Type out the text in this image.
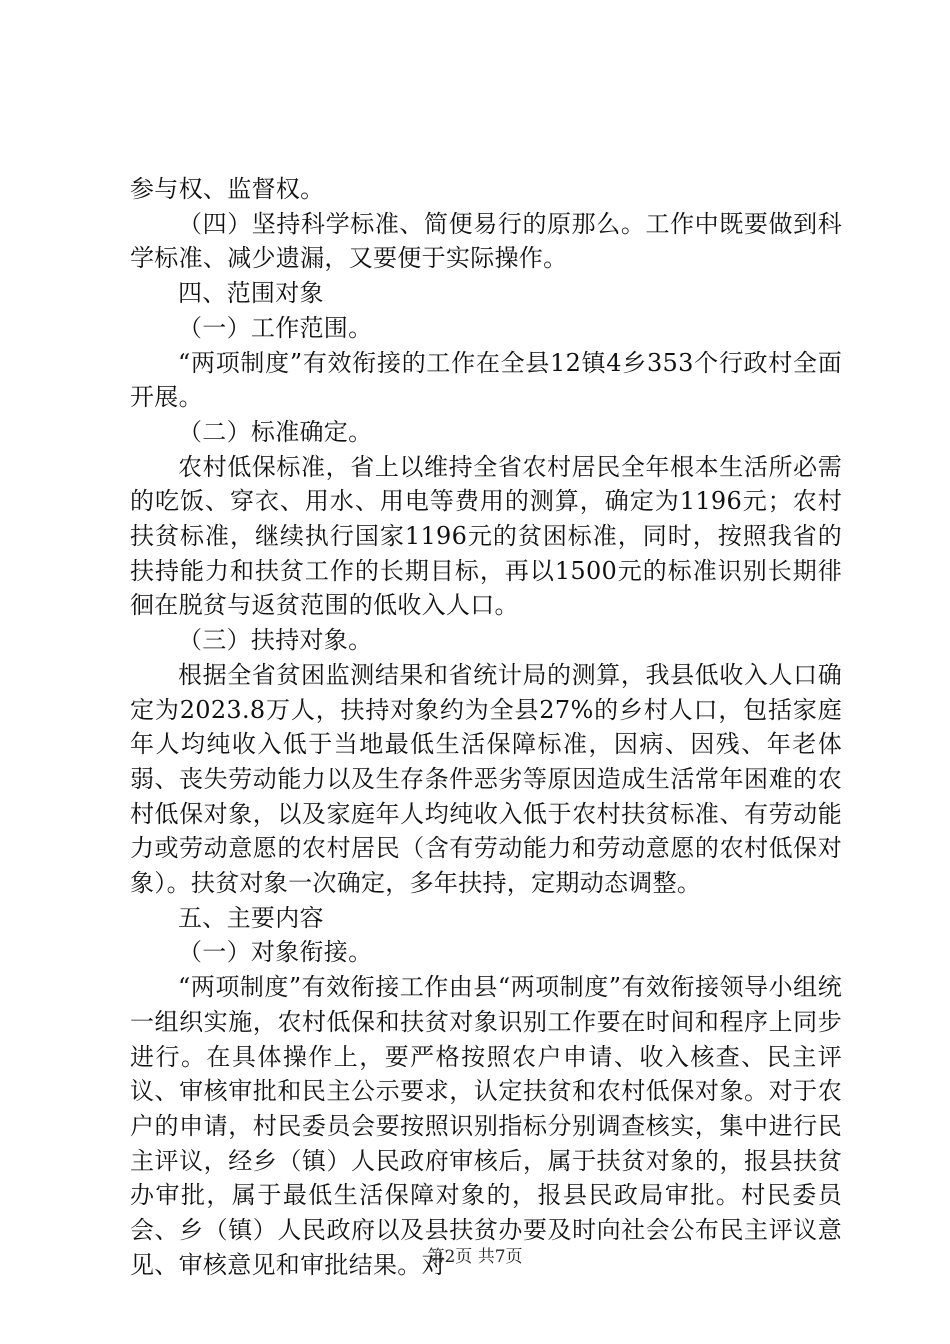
参与权、监督权。

（四）坚持科学标准、简便易行的原那么。工作中既要做到科学标准、减少遗漏，又要便于实际操作。

四、范围对象

（一）工作范围。

“两项制度”有效衔接的工作在全县12镇4乡353个行政村全面开展。

（二）标准确定。

农村低保标准，省上以维持全省农村居民全年根本生活所必需的吃饭、穿衣、用水、用电等费用的测算，确定为1196元；农村扶贫标准，继续执行国家1196元的贫困标准，同时，按照我省的扶持能力和扶贫工作的长期目标，再以1500元的标准识别长期徘徊在脱贫与返贫范围的低收入人口。

（三）扶持对象。

根据全省贫困监测结果和省统计局的测算，我县低收入人口确定为2023.8万人，扶持对象约为全县27%的乡村人口，包括家庭年人均纯收入低于当地最低生活保障标准，因病、因残、年老体弱、丧失劳动能力以及生存条件恶劣等原因造成生活常年困难的农村低保对象，以及家庭年人均纯收入低于农村扶贫标准、有劳动能力或劳动意愿的农村居民（含有劳动能力和劳动意愿的农村低保对象）。扶贫对象一次确定，多年扶持，定期动态调整。

五、主要内容

（一）对象衔接。

“两项制度”有效衔接工作由县“两项制度”有效衔接领导小组统一组织实施，农村低保和扶贫对象识别工作要在时间和程序上同步进行。在具体操作上，要严格按照农户申请、收入核查、民主评议、审核审批和民主公示要求，认定扶贫和农村低保对象。对于农户的申请，村民委员会要按照识别指标分别调查核实，集中进行民主评议，经乡（镇）人民政府审核后，属于扶贫对象的，报县扶贫办审批，属于最低生活保障对象的，报县民政局审批。村民委员会、乡（镇）人民政府以及县扶贫办要及时向社会公布民主评议意见、审核意见和审批结果。对

第2页 共7页
